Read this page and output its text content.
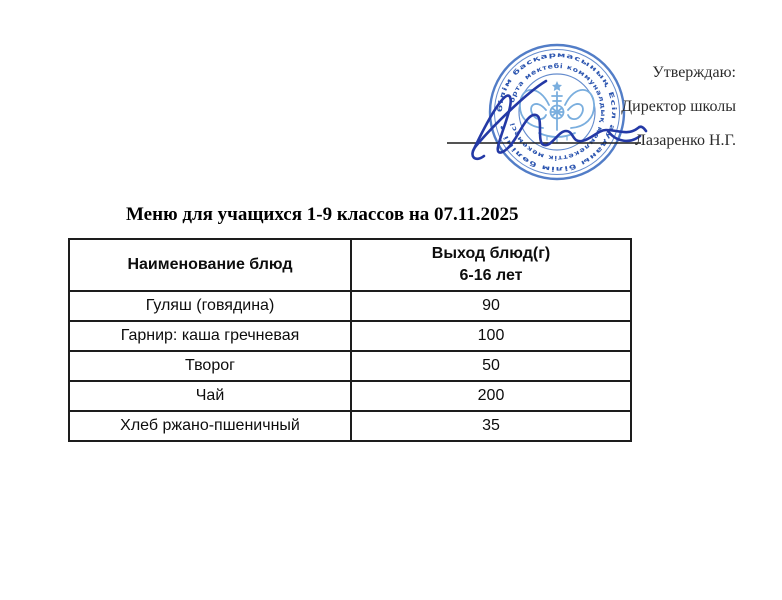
білім басқармасының Есіл ауданы білім бөлімі •
• орта мектебі коммуналдық мемлекеттік мекемесі
Утверждаю:
Директор школы
Лазаренко Н.Г.
Меню для учащихся 1-9 классов на 07.11.2025
Наименование блюд	Выход блюд(г)
6-16 лет

Гуляш (говядина)	90
Гарнир: каша гречневая	100
Творог	50
Чай	200
Хлеб ржано-пшеничный	35
